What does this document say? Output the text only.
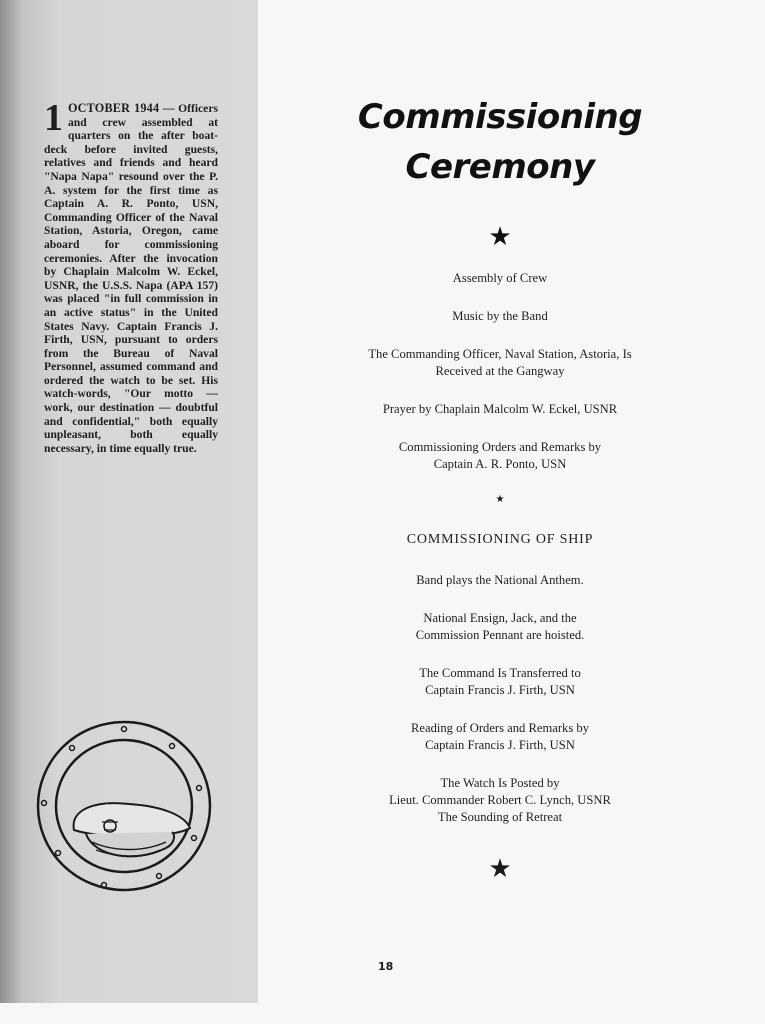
1 OCTOBER 1944 — Officers and crew assembled at quarters on the after boat-deck before invited guests, relatives and friends and heard "Napa Napa" resound over the P. A. system for the first time as Captain A. R. Ponto, USN, Commanding Officer of the Naval Station, Astoria, Oregon, came aboard for commissioning ceremonies. After the invocation by Chaplain Malcolm W. Eckel, USNR, the U.S.S. Napa (APA 157) was placed "in full commission in an active status" in the United States Navy. Captain Francis J. Firth, USN, pursuant to orders from the Bureau of Naval Personnel, assumed command and ordered the watch to be set. His watch-words, "Our motto — work, our destination — doubtful and confidential," both equally unpleasant, both equally necessary, in time equally true.
Commissioning
Ceremony
★
Assembly of Crew
Music by the Band
The Commanding Officer, Naval Station, Astoria, Is
Received at the Gangway
Prayer by Chaplain Malcolm W. Eckel, USNR
Commissioning Orders and Remarks by
Captain A. R. Ponto, USN
★
COMMISSIONING OF SHIP
Band plays the National Anthem.
National Ensign, Jack, and the
Commission Pennant are hoisted.
The Command Is Transferred to
Captain Francis J. Firth, USN
Reading of Orders and Remarks by
Captain Francis J. Firth, USN
The Watch Is Posted by
Lieut. Commander Robert C. Lynch, USNR
The Sounding of Retreat
★
18
